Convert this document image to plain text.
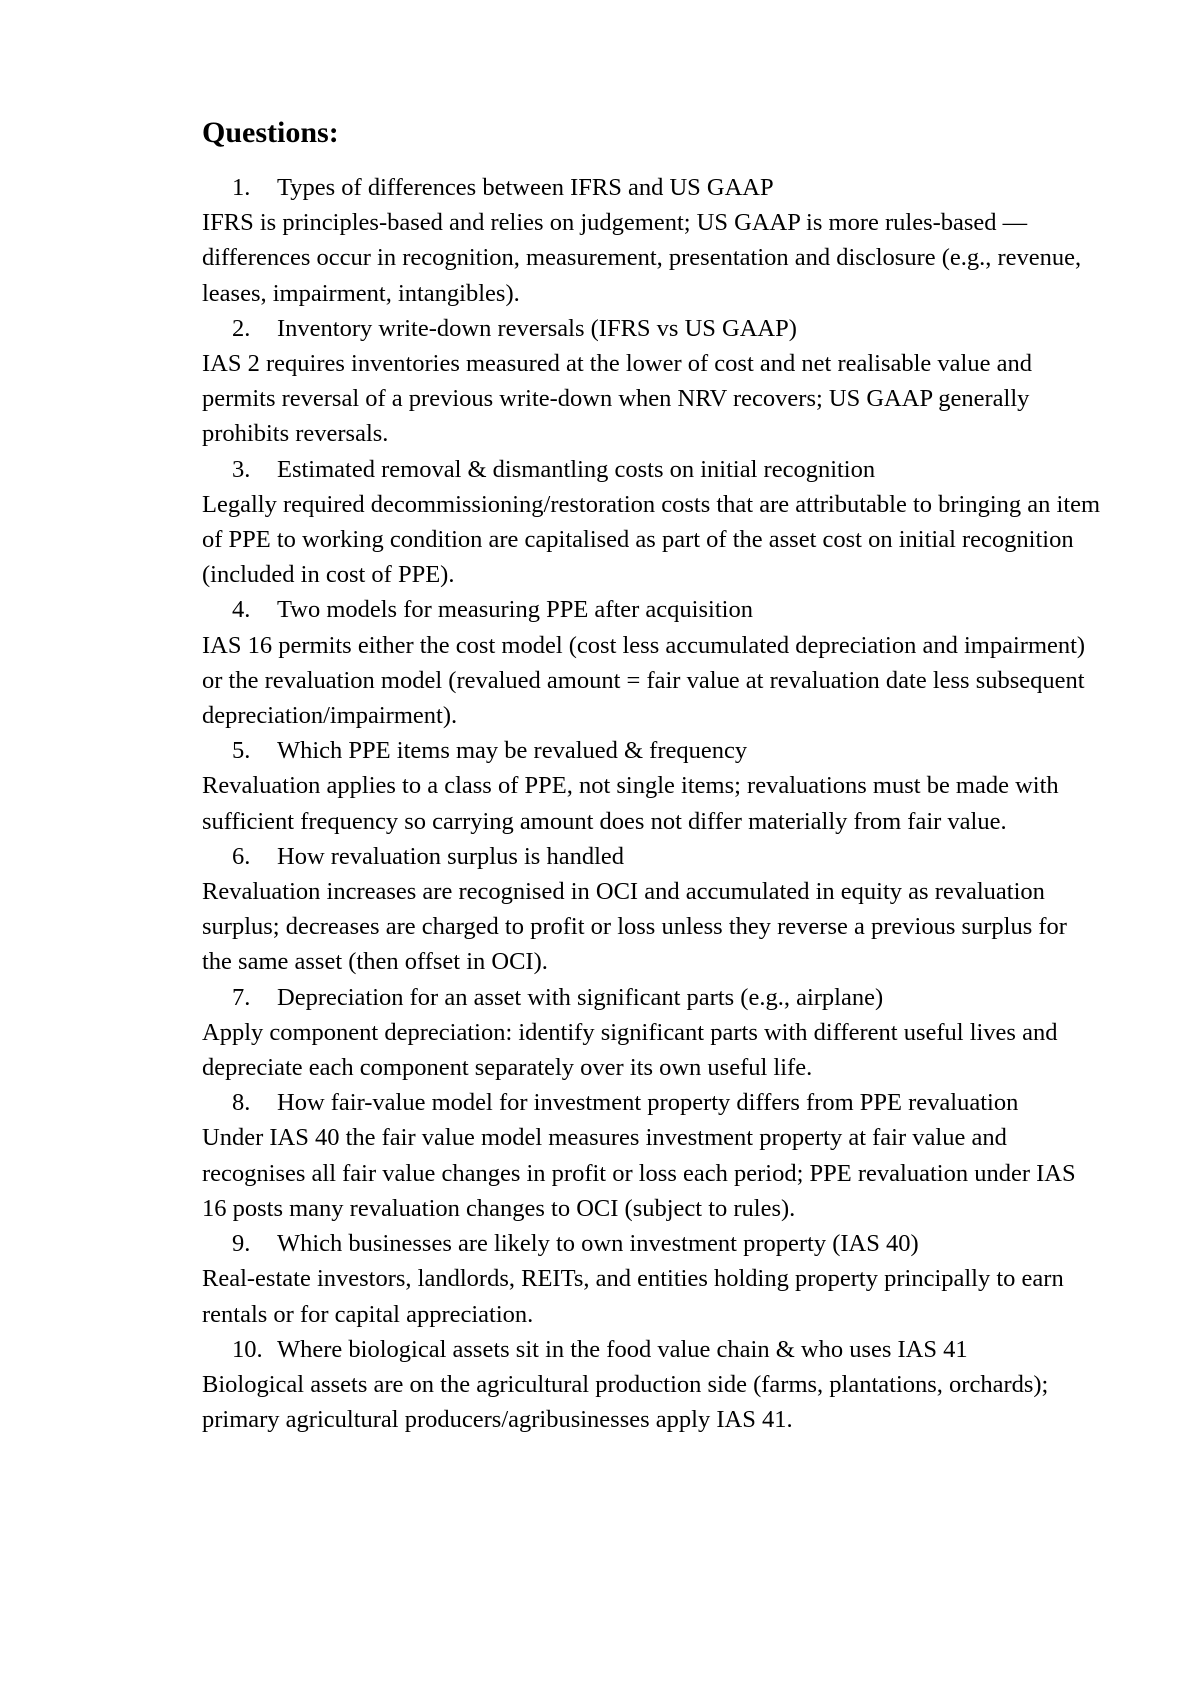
Questions:
1.	Types of differences between IFRS and US GAAP

IFRS is principles-based and relies on judgement; US GAAP is more rules-based — differences occur in recognition, measurement, presentation and disclosure (e.g., revenue, leases, impairment, intangibles).

2.	Inventory write-down reversals (IFRS vs US GAAP)

IAS 2 requires inventories measured at the lower of cost and net realisable value and permits reversal of a previous write-down when NRV recovers; US GAAP generally prohibits reversals.

3.	Estimated removal & dismantling costs on initial recognition

Legally required decommissioning/restoration costs that are attributable to bringing an item of PPE to working condition are capitalised as part of the asset cost on initial recognition (included in cost of PPE).

4.	Two models for measuring PPE after acquisition

IAS 16 permits either the cost model (cost less accumulated depreciation and impairment) or the revaluation model (revalued amount = fair value at revaluation date less subsequent depreciation/impairment).

5.	Which PPE items may be revalued & frequency

Revaluation applies to a class of PPE, not single items; revaluations must be made with sufficient frequency so carrying amount does not differ materially from fair value.

6.	How revaluation surplus is handled

Revaluation increases are recognised in OCI and accumulated in equity as revaluation surplus; decreases are charged to profit or loss unless they reverse a previous surplus for the same asset (then offset in OCI).

7.	Depreciation for an asset with significant parts (e.g., airplane)

Apply component depreciation: identify significant parts with different useful lives and depreciate each component separately over its own useful life.

8.	How fair-value model for investment property differs from PPE revaluation

Under IAS 40 the fair value model measures investment property at fair value and recognises all fair value changes in profit or loss each period; PPE revaluation under IAS 16 posts many revaluation changes to OCI (subject to rules).

9.	Which businesses are likely to own investment property (IAS 40)

Real-estate investors, landlords, REITs, and entities holding property principally to earn rentals or for capital appreciation.

10. Where biological assets sit in the food value chain & who uses IAS 41

Biological assets are on the agricultural production side (farms, plantations, orchards); primary agricultural producers/agribusinesses apply IAS 41.
